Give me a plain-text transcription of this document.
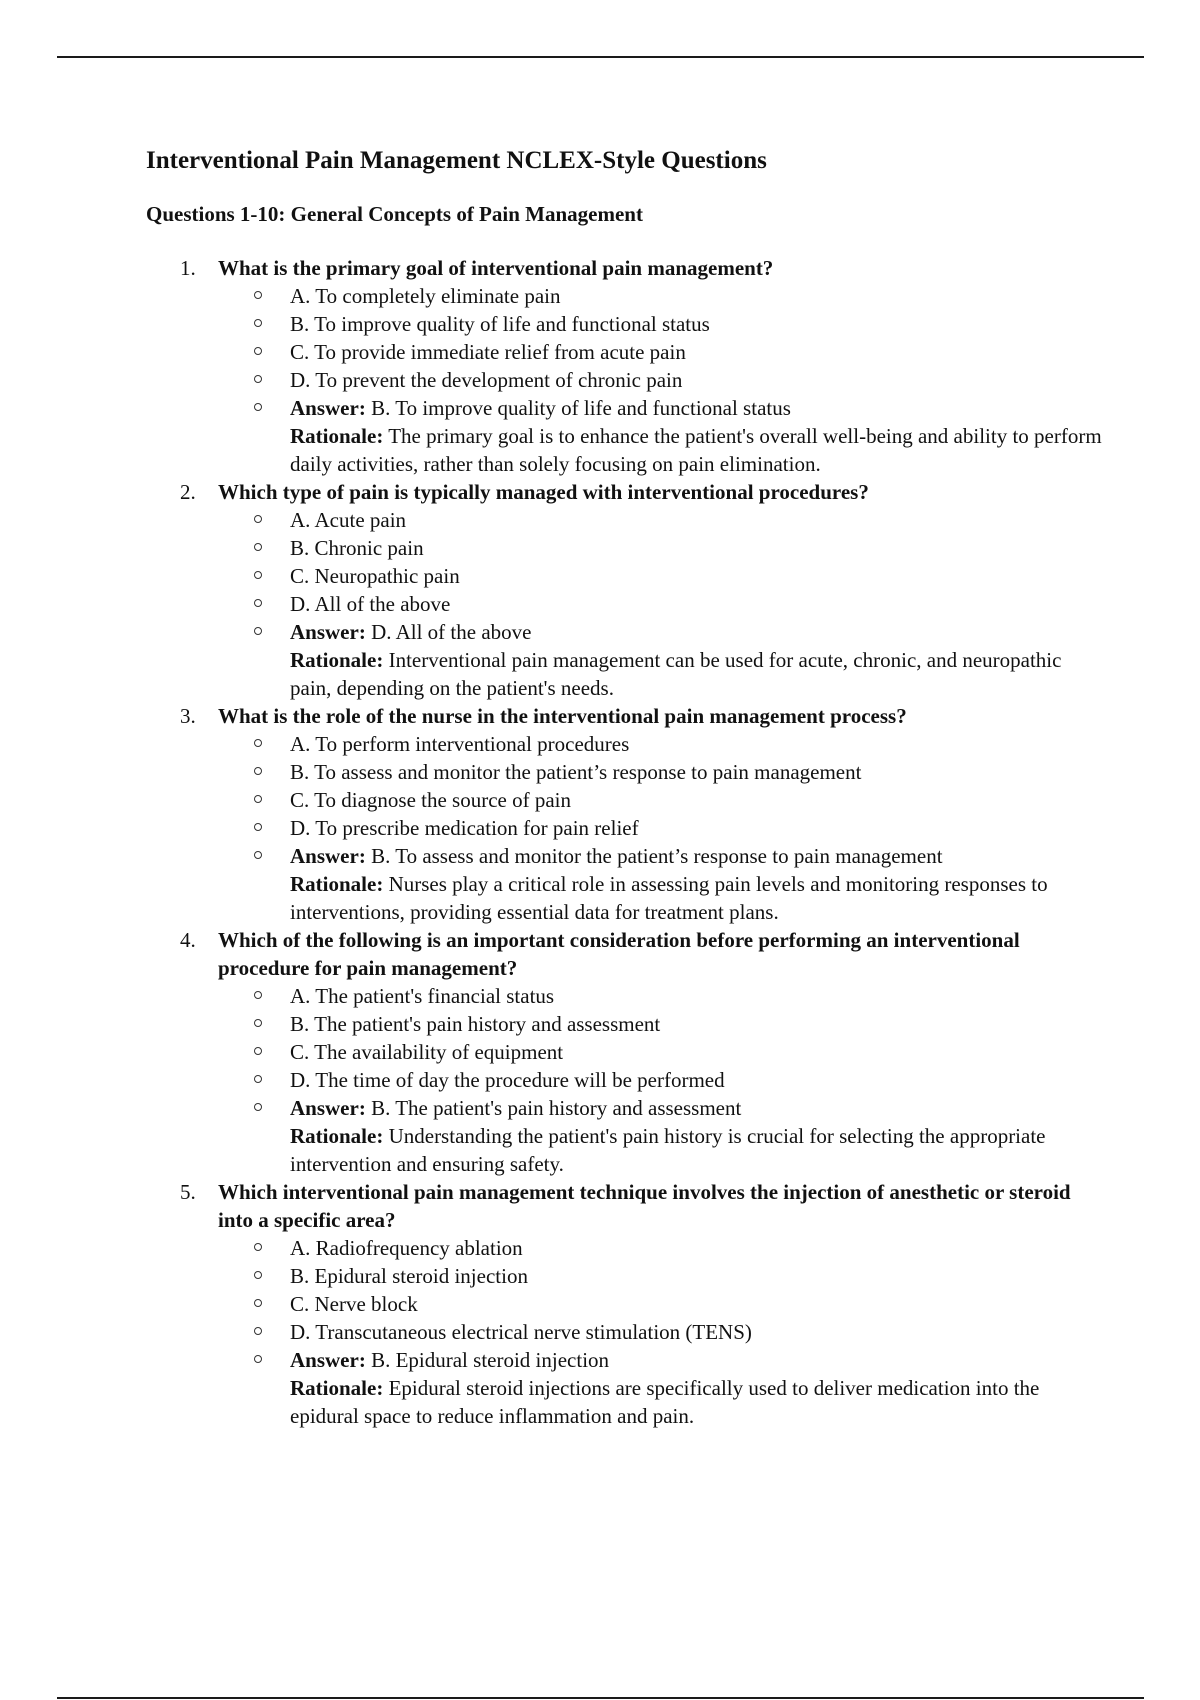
Interventional Pain Management NCLEX-Style Questions
Questions 1-10: General Concepts of Pain Management
1. What is the primary goal of interventional pain management?
A. To completely eliminate pain
B. To improve quality of life and functional status
C. To provide immediate relief from acute pain
D. To prevent the development of chronic pain
Answer: B. To improve quality of life and functional status
Rationale: The primary goal is to enhance the patient's overall well-being and ability to perform daily activities, rather than solely focusing on pain elimination.
2. Which type of pain is typically managed with interventional procedures?
A. Acute pain
B. Chronic pain
C. Neuropathic pain
D. All of the above
Answer: D. All of the above
Rationale: Interventional pain management can be used for acute, chronic, and neuropathic pain, depending on the patient's needs.
3. What is the role of the nurse in the interventional pain management process?
A. To perform interventional procedures
B. To assess and monitor the patient’s response to pain management
C. To diagnose the source of pain
D. To prescribe medication for pain relief
Answer: B. To assess and monitor the patient’s response to pain management
Rationale: Nurses play a critical role in assessing pain levels and monitoring responses to interventions, providing essential data for treatment plans.
4. Which of the following is an important consideration before performing an interventional procedure for pain management?
A. The patient's financial status
B. The patient's pain history and assessment
C. The availability of equipment
D. The time of day the procedure will be performed
Answer: B. The patient's pain history and assessment
Rationale: Understanding the patient's pain history is crucial for selecting the appropriate intervention and ensuring safety.
5. Which interventional pain management technique involves the injection of anesthetic or steroid into a specific area?
A. Radiofrequency ablation
B. Epidural steroid injection
C. Nerve block
D. Transcutaneous electrical nerve stimulation (TENS)
Answer: B. Epidural steroid injection
Rationale: Epidural steroid injections are specifically used to deliver medication into the epidural space to reduce inflammation and pain.
